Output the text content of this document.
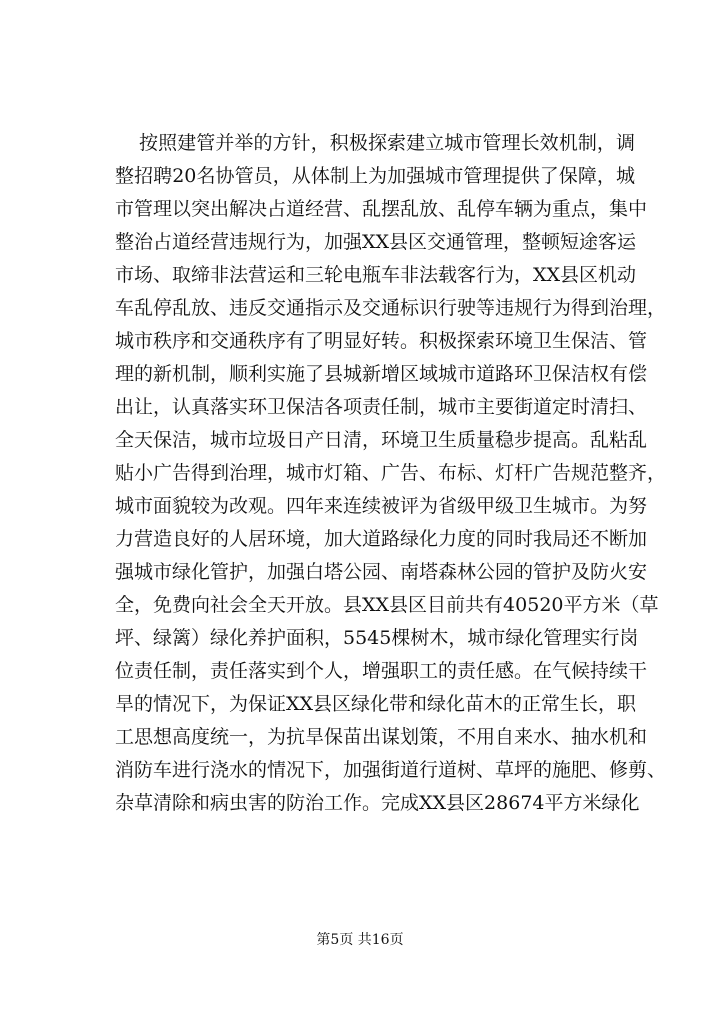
按照建管并举的方针，积极探索建立城市管理长效机制，调
整招聘20名协管员，从体制上为加强城市管理提供了保障，城
市管理以突出解决占道经营、乱摆乱放、乱停车辆为重点，集中
整治占道经营违规行为，加强XX县区交通管理，整顿短途客运
市场、取缔非法营运和三轮电瓶车非法载客行为，XX县区机动
车乱停乱放、违反交通指示及交通标识行驶等违规行为得到治理，
城市秩序和交通秩序有了明显好转。积极探索环境卫生保洁、管
理的新机制，顺利实施了县城新增区域城市道路环卫保洁权有偿
出让，认真落实环卫保洁各项责任制，城市主要街道定时清扫、
全天保洁，城市垃圾日产日清，环境卫生质量稳步提高。乱粘乱
贴小广告得到治理，城市灯箱、广告、布标、灯杆广告规范整齐，
城市面貌较为改观。四年来连续被评为省级甲级卫生城市。为努
力营造良好的人居环境，加大道路绿化力度的同时我局还不断加
强城市绿化管护，加强白塔公园、南塔森林公园的管护及防火安
全，免费向社会全天开放。县XX县区目前共有40520平方米（草
坪、绿篱）绿化养护面积，5545棵树木，城市绿化管理实行岗
位责任制，责任落实到个人，增强职工的责任感。在气候持续干
旱的情况下，为保证XX县区绿化带和绿化苗木的正常生长，职
工思想高度统一，为抗旱保苗出谋划策，不用自来水、抽水机和
消防车进行浇水的情况下，加强街道行道树、草坪的施肥、修剪、
杂草清除和病虫害的防治工作。完成XX县区28674平方米绿化
第5页 共16页
